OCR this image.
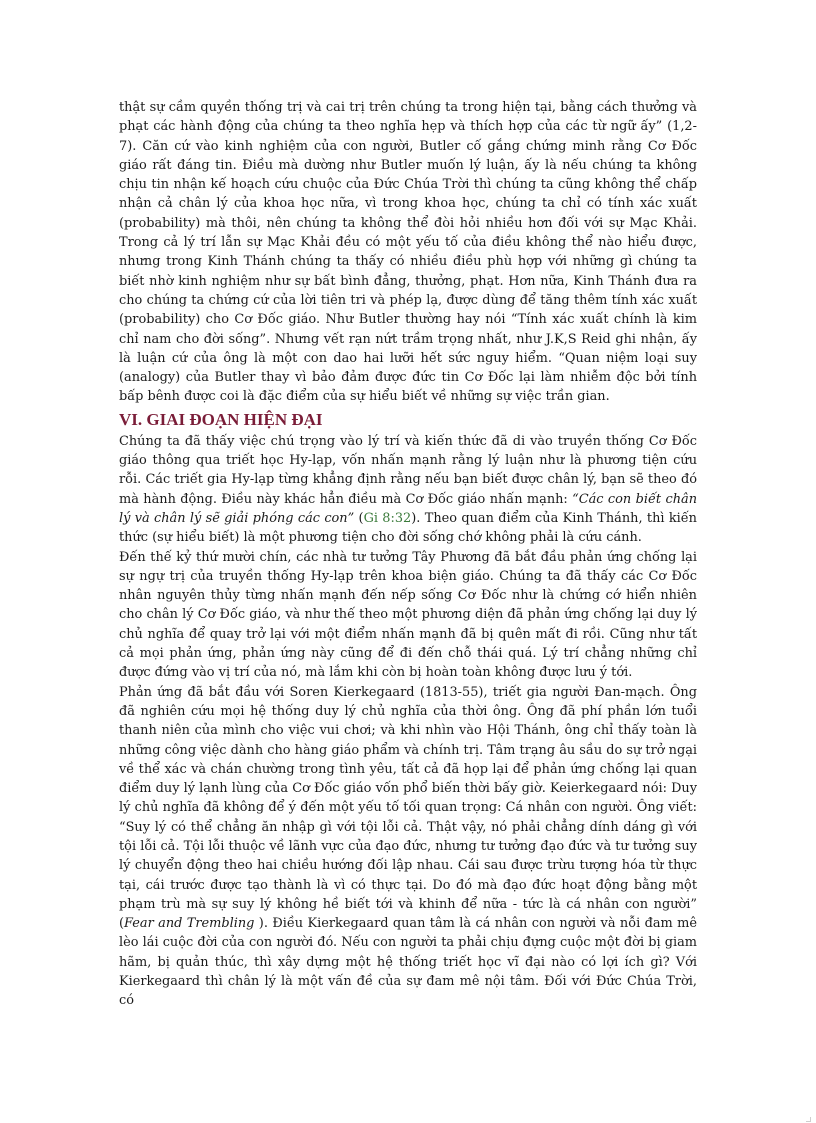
thật sự cầm quyền thống trị và cai trị trên chúng ta trong hiện tại, bằng cách thưởng và phạt các hành động của chúng ta theo nghĩa hẹp và thích hợp của các từ ngữ ấy” (1,2-7). Căn cứ vào kinh nghiệm của con người, Butler cố gắng chứng minh rằng Cơ Đốc giáo rất đáng tin. Điều mà dường như Butler muốn lý luận, ấy là nếu chúng ta không chịu tin nhận kế hoạch cứu chuộc của Đức Chúa Trời thì chúng ta cũng không thể chấp nhận cả chân lý của khoa học nữa, vì trong khoa học, chúng ta chỉ có tính xác xuất (probability) mà thôi, nên chúng ta không thể đòi hỏi nhiều hơn đối với sự Mạc Khải. Trong cả lý trí lẫn sự Mạc Khải đều có một yếu tố của điều không thể nào hiểu được, nhưng trong Kinh Thánh chúng ta thấy có nhiều điều phù hợp với những gì chúng ta biết nhờ kinh nghiệm như sự bất bình đẳng, thưởng, phạt. Hơn nữa, Kinh Thánh đưa ra cho chúng ta chứng cứ của lời tiên tri và phép lạ, được dùng để tăng thêm tính xác xuất (probability) cho Cơ Đốc giáo. Như Butler thường hay nói “Tính xác xuất chính là kim chỉ nam cho đời sống”. Nhưng vết rạn nứt trầm trọng nhất, như J.K,S Reid ghi nhận, ấy là luận cứ của ông là một con dao hai lưỡi hết sức nguy hiểm. “Quan niệm loại suy (analogy) của Butler thay vì bảo đảm được đức tin Cơ Đốc lại làm nhiễm độc bởi tính bấp bênh được coi là đặc điểm của sự hiểu biết về những sự việc trần gian.

VI. GIAI ĐOẠN HIỆN ĐẠI

Chúng ta đã thấy việc chú trọng vào lý trí và kiến thức đã di vào truyền thống Cơ Đốc giáo thông qua triết học Hy-lạp, vốn nhấn mạnh rằng lý luận như là phương tiện cứu rỗi. Các triết gia Hy-lạp từng khẳng định rằng nếu bạn biết được chân lý, bạn sẽ theo đó mà hành động. Điều này khác hẳn điều mà Cơ Đốc giáo nhấn mạnh: “Các con biết chân lý và chân lý sẽ giải phóng các con” (Gi 8:32). Theo quan điểm của Kinh Thánh, thì kiến thức (sự hiểu biết) là một phương tiện cho đời sống chớ không phải là cứu cánh.

Đến thế kỷ thứ mười chín, các nhà tư tưởng Tây Phương đã bắt đầu phản ứng chống lại sự ngự trị của truyền thống Hy-lạp trên khoa biện giáo. Chúng ta đã thấy các Cơ Đốc nhân nguyên thủy từng nhấn mạnh đến nếp sống Cơ Đốc như là chứng cớ hiển nhiên cho chân lý Cơ Đốc giáo, và như thế theo một phương diện đã phản ứng chống lại duy lý chủ nghĩa để quay trở lại với một điểm nhấn mạnh đã bị quên mất đi rồi. Cũng như tất cả mọi phản ứng, phản ứng này cũng để đi đến chỗ thái quá. Lý trí chẳng những chỉ được đứng vào vị trí của nó, mà lắm khi còn bị hoàn toàn không được lưu ý tới.

Phản ứng đã bắt đầu với Soren Kierkegaard (1813-55), triết gia người Đan-mạch. Ông đã nghiên cứu mọi hệ thống duy lý chủ nghĩa của thời ông. Ông đã phí phần lớn tuổi thanh niên của mình cho việc vui chơi; và khi nhìn vào Hội Thánh, ông chỉ thấy toàn là những công việc dành cho hàng giáo phẩm và chính trị. Tâm trạng âu sầu do sự trở ngại về thể xác và chán chường trong tình yêu, tất cả đã họp lại để phản ứng chống lại quan điểm duy lý lạnh lùng của Cơ Đốc giáo vốn phổ biến thời bấy giờ. Keierkegaard nói: Duy lý chủ nghĩa đã không để ý đến một yếu tố tối quan trọng: Cá nhân con người. Ông viết: “Suy lý có thể chẳng ăn nhập gì với tội lỗi cả. Thật vậy, nó phải chẳng dính dáng gì với tội lỗi cả. Tội lỗi thuộc về lãnh vực của đạo đức, nhưng tư tưởng đạo đức và tư tưởng suy lý chuyển động theo hai chiều hướng đối lập nhau. Cái sau được trừu tượng hóa từ thực tại, cái trước được tạo thành là vì có thực tại. Do đó mà đạo đức hoạt động bằng một phạm trù mà sự suy lý không hề biết tới và khinh để nữa - tức là cá nhân con người” (Fear and Trembling ). Điều Kierkegaard quan tâm là cá nhân con người và nỗi đam mê lèo lái cuộc đời của con người đó. Nếu con người ta phải chịu đựng cuộc một đời bị giam hãm, bị quản thúc, thì xây dựng một hệ thống triết học vĩ đại nào có lợi ích gì? Với Kierkegaard thì chân lý là một vấn đề của sự đam mê nội tâm. Đối với Đức Chúa Trời, có
